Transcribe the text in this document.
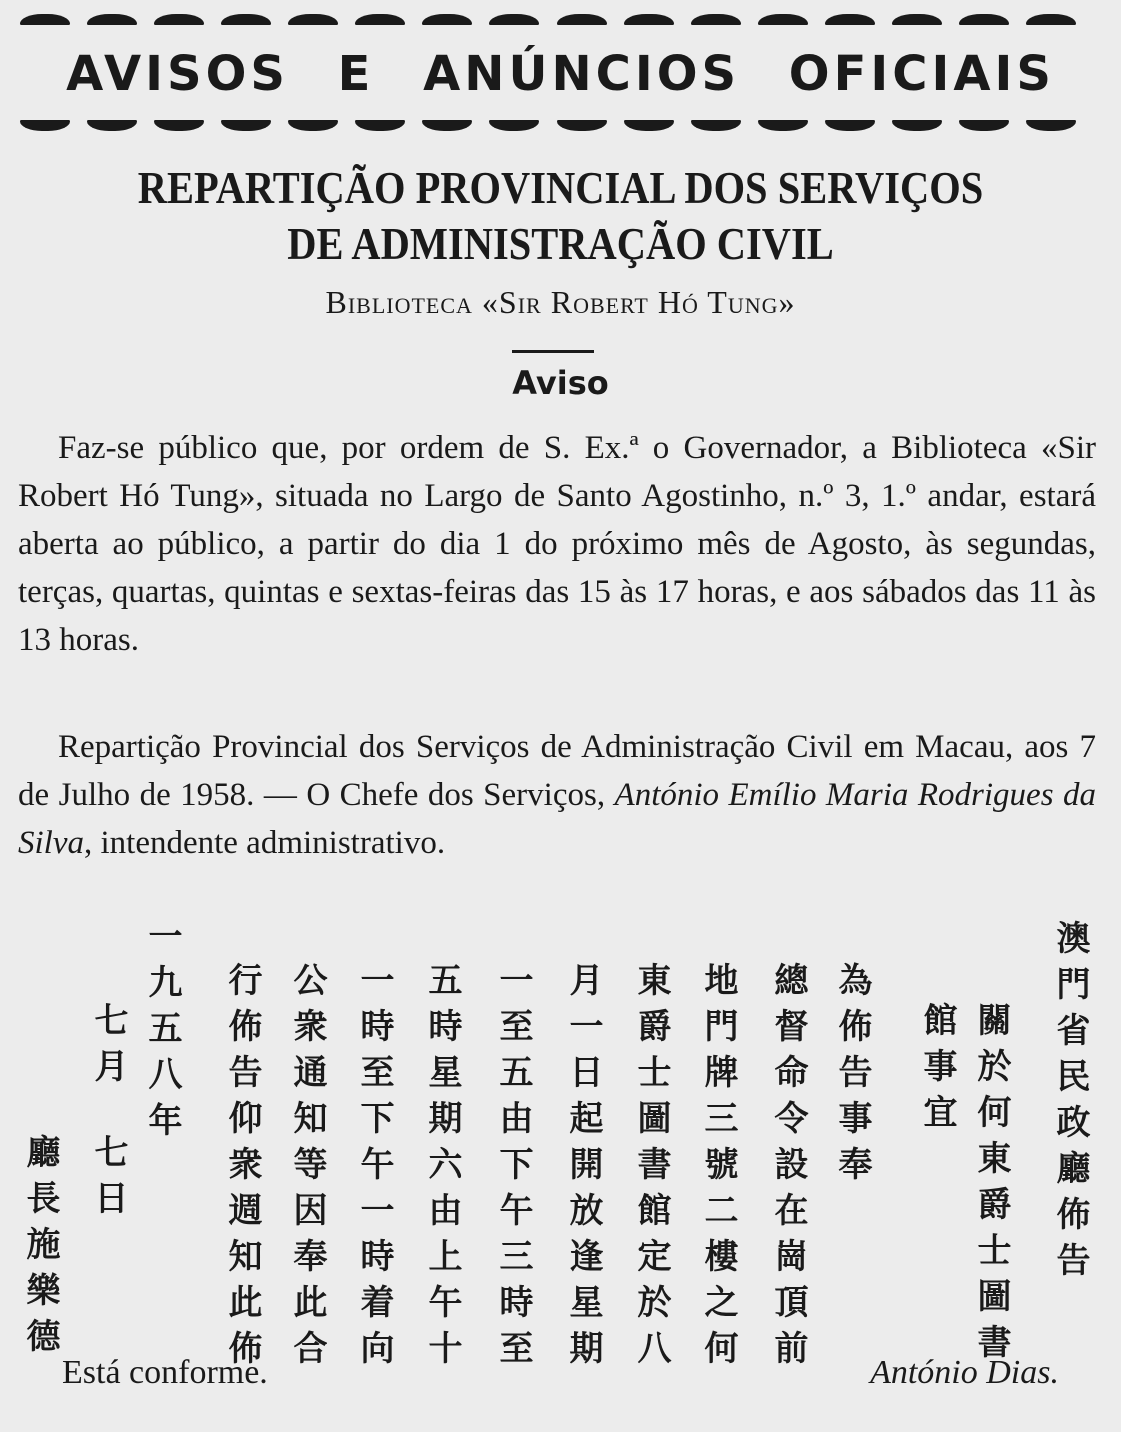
AVISOS E ANÚNCIOS OFICIAIS
REPARTIÇÃO PROVINCIAL DOS SERVIÇOS
DE ADMINISTRAÇÃO CIVIL
Biblioteca «Sir Robert Hó Tung»
Aviso

Faz-se público que, por ordem de S. Ex.ª o Governador, a Biblioteca «Sir Robert Hó Tung», situada no Largo de Santo Agostinho, n.º 3, 1.º andar, estará aberta ao público, a partir do dia 1 do próximo mês de Agosto, às segundas, terças, quartas, quintas e sextas-feiras das 15 às 17 horas, e aos sábados das 11 às 13 horas.

Repartição Provincial dos Serviços de Administração Civil em Macau, aos 7 de Julho de 1958. — O Chefe dos Serviços, António Emílio Maria Rodrigues da Silva, intendente administrativo.

澳門省民政廳佈告
關於何東爵士圖書
館事宜
為佈告事奉
總督命令設在崗頂前
地門牌三號二樓之何
東爵士圖書館定於八
月一日起開放逢星期
一至五由下午三時至
五時星期六由上午十
一時至下午一時着向
公衆通知等因奉此合
行佈告仰衆週知此佈
一九五八年
七月
七日
廳長施樂德
Está conforme.	António Dias.
